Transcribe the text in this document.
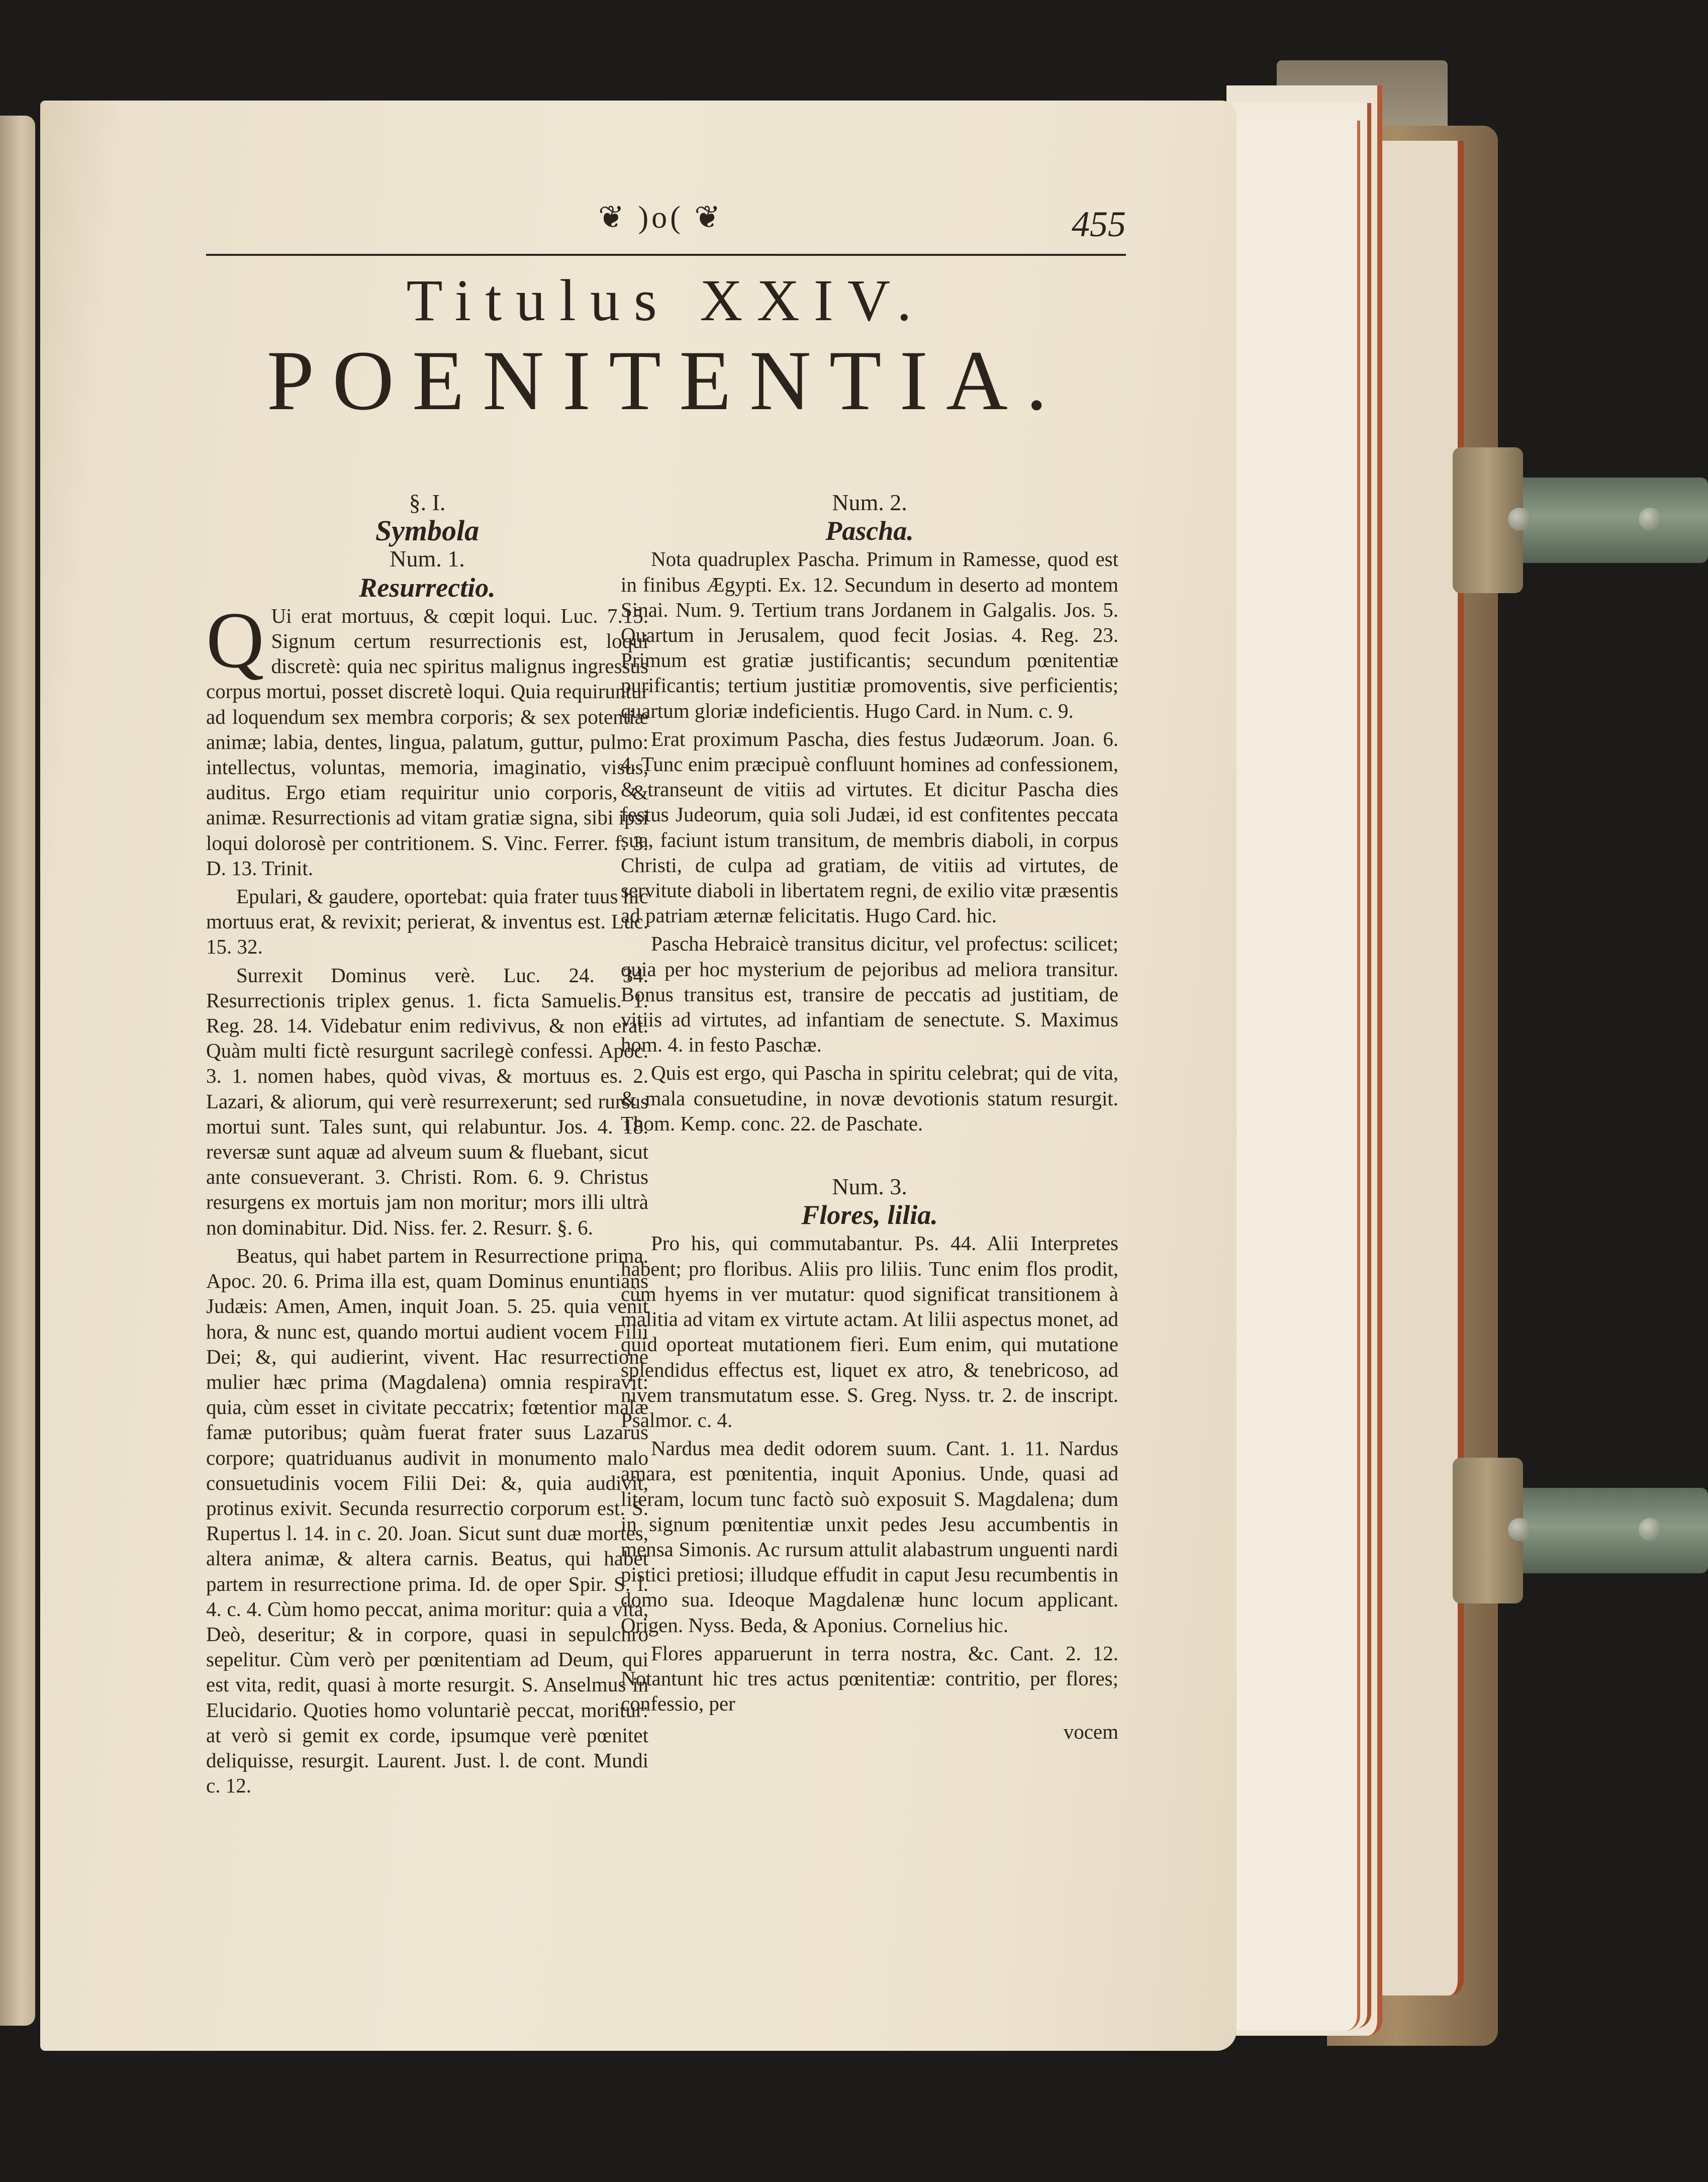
❦ )o( ❦	455
Titulus XXIV.
POENITENTIA.

§. I.

Symbola

Num. 1.

Resurrectio.

Q Ui erat mortuus, & cœpit loqui. Luc. 7.15. Signum certum resurrectionis est, loqui discretè: quia nec spiritus malignus ingressus corpus mortui, posset discretè loqui. Quia requiruntur ad loquendum sex membra corporis; & sex potentiæ animæ; labia, dentes, lingua, palatum, guttur, pulmo: intellectus, voluntas, memoria, imaginatio, visus, auditus. Ergo etiam requiritur unio corporis, & animæ. Resurrectionis ad vitam gratiæ signa, sibi ipsi loqui dolorosè per contritionem. S. Vinc. Ferrer. f. 3. D. 13. Trinit.

Epulari, & gaudere, oportebat: quia frater tuus hic mortuus erat, & revixit; perierat, & inventus est. Luc. 15. 32.

Surrexit Dominus verè. Luc. 24. 34. Resurrectionis triplex genus. 1. ficta Samuelis. 1. Reg. 28. 14. Videbatur enim redivivus, & non erat. Quàm multi fictè resurgunt sacrilegè confessi. Apoc. 3. 1. nomen habes, quòd vivas, & mortuus es. 2. Lazari, & aliorum, qui verè resurrexerunt; sed rursus mortui sunt. Tales sunt, qui relabuntur. Jos. 4. 18. reversæ sunt aquæ ad alveum suum & fluebant, sicut ante consueverant. 3. Christi. Rom. 6. 9. Christus resurgens ex mortuis jam non moritur; mors illi ultrà non dominabitur. Did. Niss. fer. 2. Resurr. §. 6.

Beatus, qui habet partem in Resurrectione prima. Apoc. 20. 6. Prima illa est, quam Dominus enuntians Judæis: Amen, Amen, inquit Joan. 5. 25. quia venit hora, & nunc est, quando mortui audient vocem Filii Dei; &, qui audierint, vivent. Hac resurrectione mulier hæc prima (Magdalena) omnia respiravit: quia, cùm esset in civitate peccatrix; fœtentior malæ famæ putoribus; quàm fuerat frater suus Lazarus corpore; quatriduanus audivit in monumento malo consuetudinis vocem Filii Dei: &, quia audivit, protinus exivit. Secunda resurrectio corporum est. S. Rupertus l. 14. in c. 20. Joan. Sicut sunt duæ mortes, altera animæ, & altera carnis. Beatus, qui habet partem in resurrectione prima. Id. de oper Spir. S. l. 4. c. 4. Cùm homo peccat, anima moritur: quia a vita, Deò, deseritur; & in corpore, quasi in sepulchro sepelitur. Cùm verò per pœnitentiam ad Deum, qui est vita, redit, quasi à morte resurgit. S. Anselmus in Elucidario. Quoties homo voluntariè peccat, moritur: at verò si gemit ex corde, ipsumque verè pœnitet deliquisse, resurgit. Laurent. Just. l. de cont. Mundi c. 12.

Num. 2.

Pascha.

Nota quadruplex Pascha. Primum in Ramesse, quod est in finibus Ægypti. Ex. 12. Secundum in deserto ad montem Sinai. Num. 9. Tertium trans Jordanem in Galgalis. Jos. 5. Quartum in Jerusalem, quod fecit Josias. 4. Reg. 23. Primum est gratiæ justificantis; secundum pœnitentiæ purificantis; tertium justitiæ promoventis, sive perficientis; quartum gloriæ indeficientis. Hugo Card. in Num. c. 9.

Erat proximum Pascha, dies festus Judæorum. Joan. 6. 4. Tunc enim præcipuè confluunt homines ad confessionem, & transeunt de vitiis ad virtutes. Et dicitur Pascha dies festus Judeorum, quia soli Judæi, id est confitentes peccata sua, faciunt istum transitum, de membris diaboli, in corpus Christi, de culpa ad gratiam, de vitiis ad virtutes, de servitute diaboli in libertatem regni, de exilio vitæ præsentis ad patriam æternæ felicitatis. Hugo Card. hic.

Pascha Hebraicè transitus dicitur, vel profectus: scilicet; quia per hoc mysterium de pejoribus ad meliora transitur. Bonus transitus est, transire de peccatis ad justitiam, de vitiis ad virtutes, ad infantiam de senectute. S. Maximus hom. 4. in festo Paschæ.

Quis est ergo, qui Pascha in spiritu celebrat; qui de vita, & mala consuetudine, in novæ devotionis statum resurgit. Thom. Kemp. conc. 22. de Paschate.

Num. 3.

Flores, lilia.

Pro his, qui commutabantur. Ps. 44. Alii Interpretes habent; pro floribus. Aliis pro liliis. Tunc enim flos prodit, cùm hyems in ver mutatur: quod significat transitionem à malitia ad vitam ex virtute actam. At lilii aspectus monet, ad quid oporteat mutationem fieri. Eum enim, qui mutatione splendidus effectus est, liquet ex atro, & tenebricoso, ad nivem transmutatum esse. S. Greg. Nyss. tr. 2. de inscript. Psalmor. c. 4.

Nardus mea dedit odorem suum. Cant. 1. 11. Nardus amara, est pœnitentia, inquit Aponius. Unde, quasi ad literam, locum tunc factò suò exposuit S. Magdalena; dum in signum pœnitentiæ unxit pedes Jesu accumbentis in mensa Simonis. Ac rursum attulit alabastrum unguenti nardi pistici pretiosi; illudque effudit in caput Jesu recumbentis in domo sua. Ideoque Magdalenæ hunc locum applicant. Origen. Nyss. Beda, & Aponius. Cornelius hic.

Flores apparuerunt in terra nostra, &c. Cant. 2. 12. Notantunt hic tres actus pœnitentiæ: contritio, per flores; confessio, per

vocem
